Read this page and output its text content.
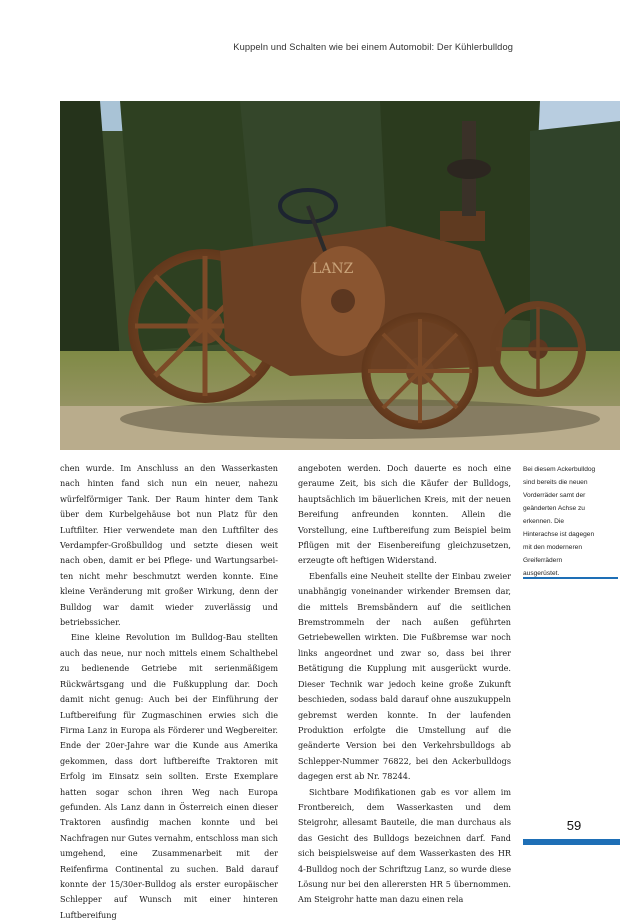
Kuppeln und Schalten wie bei einem Automobil: Der Kühlerbulldog
LANZ

chen wurde. Im Anschluss an den Wasserkasten nach hinten fand sich nun ein neuer, nahezu würfelförmiger Tank. Der Raum hinter dem Tank über dem Kurbelgehäuse bot nun Platz für den Luftfilter. Hier verwendete man den Luftfilter des Verdampfer-Großbulldog und setzte diesen weit nach oben, damit er bei Pflege- und Wartungsarbeiten nicht mehr beschmutzt werden konnte. Eine kleine Veränderung mit großer Wirkung, denn der Bulldog war damit wieder zuverlässig und betriebssicher.

Eine kleine Revolution im Bulldog-Bau stellten auch das neue, nur noch mittels einem Schalthebel zu bedienende Getriebe mit serienmäßigem Rückwärtsgang und die Fußkupplung dar. Doch damit nicht genug: Auch bei der Einführung der Luftbereifung für Zugmaschinen erwies sich die Firma Lanz in Europa als Förderer und Wegbereiter. Ende der 20er-Jahre war die Kunde aus Amerika gekommen, dass dort luftbereifte Traktoren mit Erfolg im Einsatz sein sollten. Erste Exemplare hatten sogar schon ihren Weg nach Europa gefunden. Als Lanz dann in Österreich einen dieser Traktoren ausfindig machen konnte und bei Nachfragen nur Gutes vernahm, entschloss man sich umgehend, eine Zusammenarbeit mit der Reifenfirma Continental zu suchen. Bald darauf konnte der 15/30er-Bulldog als erster europäischer Schlepper auf Wunsch mit einer hinteren Luftbereifung

angeboten werden. Doch dauerte es noch eine geraume Zeit, bis sich die Käufer der Bulldogs, hauptsächlich im bäuerlichen Kreis, mit der neuen Bereifung anfreunden konnten. Allein die Vorstellung, eine Luftbereifung zum Beispiel beim Pflügen mit der Eisenbereifung gleichzusetzen, erzeugte oft heftigen Widerstand.

Ebenfalls eine Neuheit stellte der Einbau zweier unabhängig voneinander wirkender Bremsen dar, die mittels Bremsbändern auf die seitlichen Bremstrommeln der nach außen geführten Getriebewellen wirkten. Die Fußbremse war noch links angeordnet und zwar so, dass bei ihrer Betätigung die Kupplung mit ausgerückt wurde. Dieser Technik war jedoch keine große Zukunft beschieden, sodass bald darauf ohne auszukuppeln gebremst werden konnte. In der laufenden Produktion erfolgte die Umstellung auf die geänderte Version bei den Verkehrsbulldogs ab Schlepper-Nummer 76822, bei den Ackerbulldogs dagegen erst ab Nr. 78244.

Sichtbare Modifikationen gab es vor allem im Frontbereich, dem Wasserkasten und dem Steigrohr, allesamt Bauteile, die man durchaus als das Gesicht des Bulldogs bezeichnen darf. Fand sich beispielsweise auf dem Wasserkasten des HR 4-Bulldog noch der Schriftzug Lanz, so wurde diese Lösung nur bei den allerersten HR 5 übernommen. Am Steigrohr hatte man dazu einen rela

Bei diesem Ackerbulldog sind bereits die neuen Vorderräder samt der geänderten Achse zu erkennen. Die Hinterachse ist dagegen mit den moderneren Greiferrädern ausgerüstet.
59
